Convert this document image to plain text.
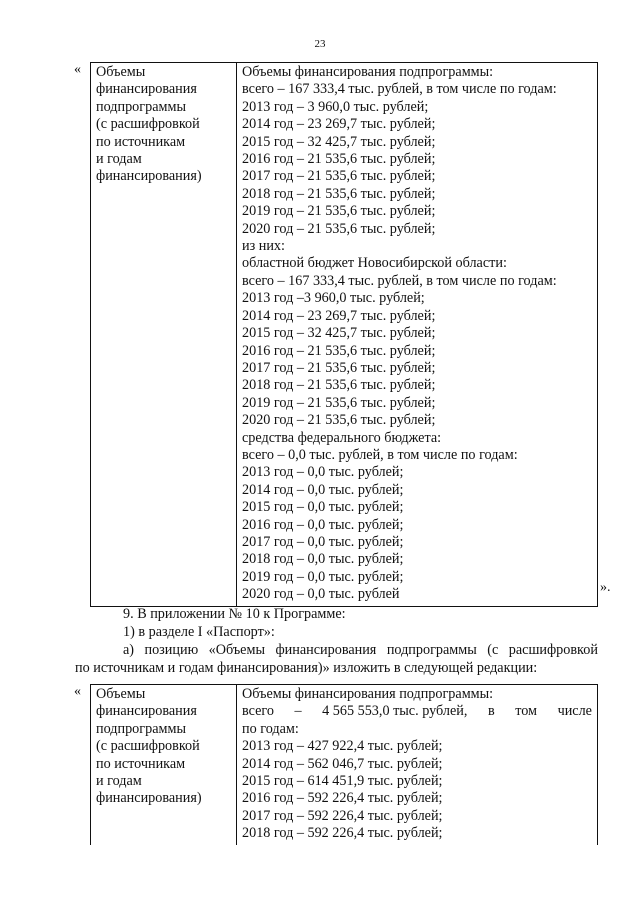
23
« Объемы
финансирования
подпрограммы
(с расшифровкой
по источникам
и годам
финансирования)

Объемы финансирования подпрограммы:
всего – 167 333,4 тыс. рублей, в том числе по годам:
2013 год – 3 960,0 тыс. рублей;
2014 год – 23 269,7 тыс. рублей;
2015 год – 32 425,7 тыс. рублей;
2016 год – 21 535,6 тыс. рублей;
2017 год – 21 535,6 тыс. рублей;
2018 год – 21 535,6 тыс. рублей;
2019 год – 21 535,6 тыс. рублей;
2020 год – 21 535,6 тыс. рублей;
из них:
областной бюджет Новосибирской области:
всего – 167 333,4 тыс. рублей, в том числе по годам:
2013 год –3 960,0 тыс. рублей;
2014 год – 23 269,7 тыс. рублей;
2015 год – 32 425,7 тыс. рублей;
2016 год – 21 535,6 тыс. рублей;
2017 год – 21 535,6 тыс. рублей;
2018 год – 21 535,6 тыс. рублей;
2019 год – 21 535,6 тыс. рублей;
2020 год – 21 535,6 тыс. рублей;
средства федерального бюджета:
всего – 0,0 тыс. рублей, в том числе по годам:
2013 год – 0,0 тыс. рублей;
2014 год – 0,0 тыс. рублей;
2015 год – 0,0 тыс. рублей;
2016 год – 0,0 тыс. рублей;
2017 год – 0,0 тыс. рублей;
2018 год – 0,0 тыс. рублей;
2019 год – 0,0 тыс. рублей;
2020 год – 0,0 тыс. рублей	».
9. В приложении № 10 к Программе:
1) в разделе I «Паспорт»:
а) позицию «Объемы финансирования подпрограммы (с расшифровкой
по источникам и годам финансирования)» изложить в следующей редакции:
« Объемы
финансирования
подпрограммы
(с расшифровкой
по источникам
и годам
финансирования)

Объемы финансирования подпрограммы:
всего – 4 565 553,0 тыс. рублей, в том числе
по годам:
2013 год – 427 922,4 тыс. рублей;
2014 год – 562 046,7 тыс. рублей;
2015 год – 614 451,9 тыс. рублей;
2016 год – 592 226,4 тыс. рублей;
2017 год – 592 226,4 тыс. рублей;
2018 год – 592 226,4 тыс. рублей;
